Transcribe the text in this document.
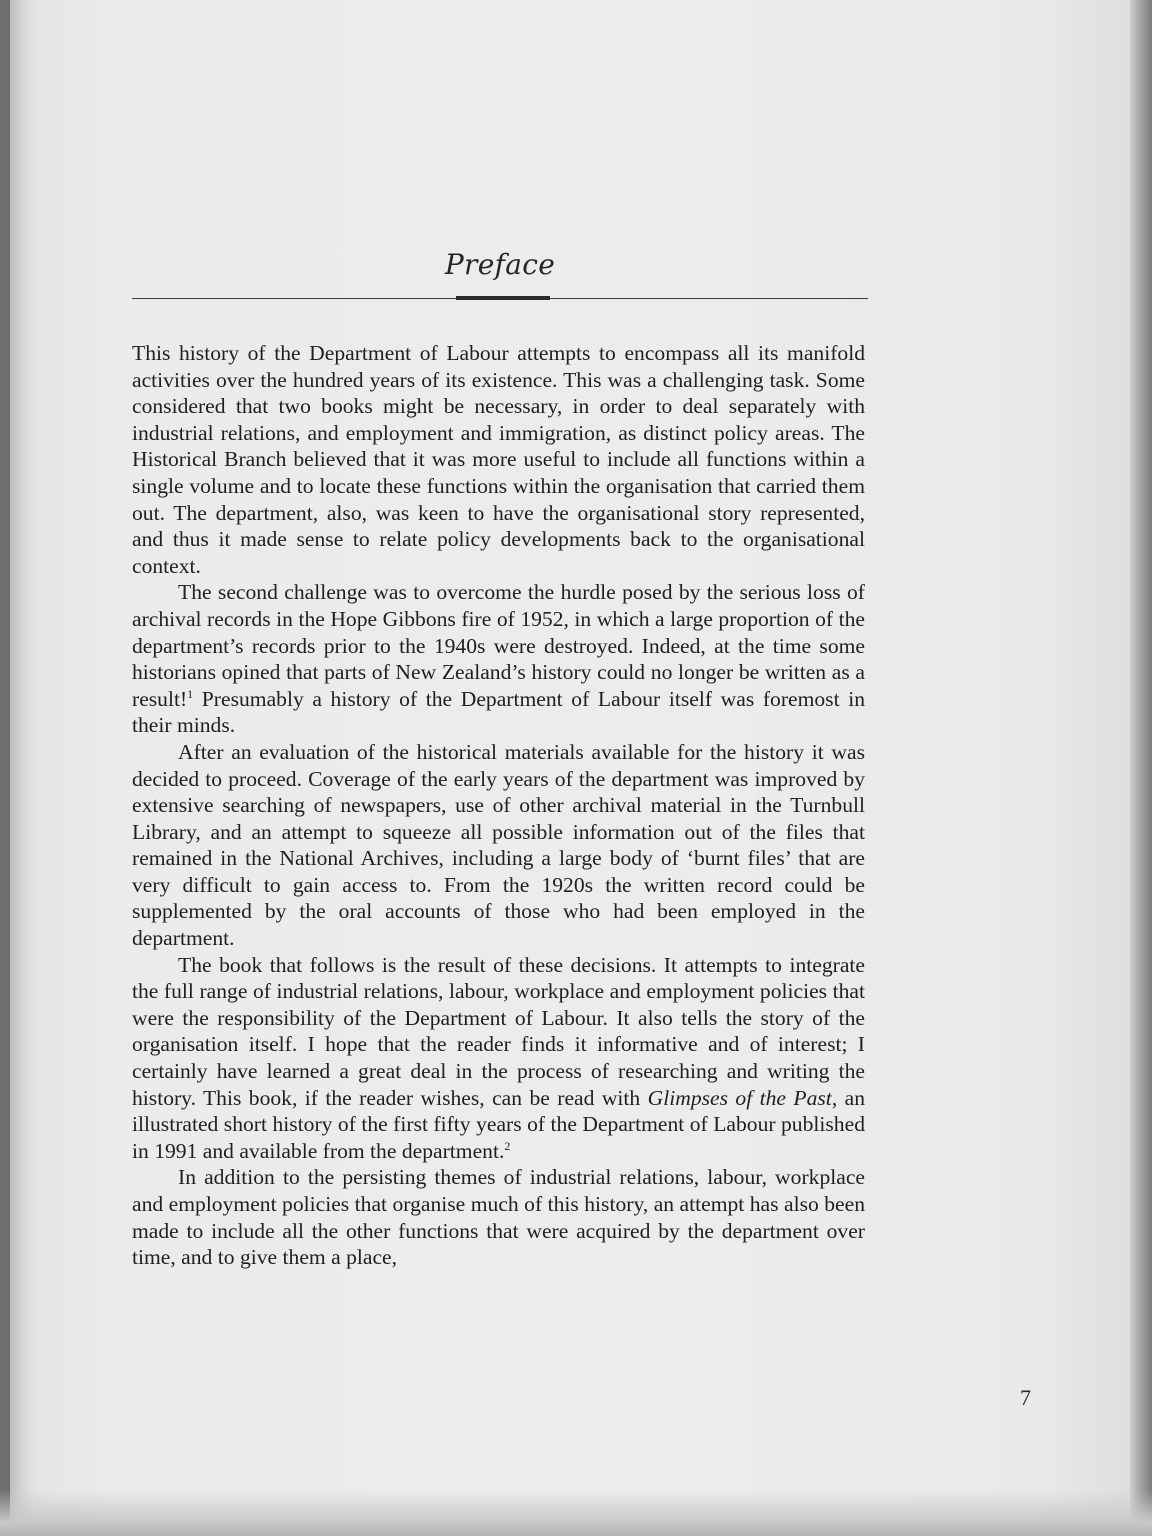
Preface

This history of the Department of Labour attempts to encompass all its manifold activities over the hundred years of its existence. This was a challenging task. Some considered that two books might be necessary, in order to deal separately with industrial relations, and employment and immigration, as distinct policy areas. The Historical Branch believed that it was more useful to include all functions within a single volume and to locate these functions within the organisation that carried them out. The department, also, was keen to have the organisational story represented, and thus it made sense to relate policy developments back to the organisational context.

The second challenge was to overcome the hurdle posed by the serious loss of archival records in the Hope Gibbons fire of 1952, in which a large proportion of the department’s records prior to the 1940s were destroyed. Indeed, at the time some historians opined that parts of New Zealand’s history could no longer be written as a result!$^1$ Presumably a history of the Department of Labour itself was foremost in their minds.

After an evaluation of the historical materials available for the history it was decided to proceed. Coverage of the early years of the department was improved by extensive searching of newspapers, use of other archival material in the Turnbull Library, and an attempt to squeeze all possible information out of the files that remained in the National Archives, including a large body of ‘burnt files’ that are very difficult to gain access to. From the 1920s the written record could be supplemented by the oral accounts of those who had been employed in the department.

The book that follows is the result of these decisions. It attempts to integrate the full range of industrial relations, labour, workplace and employment policies that were the responsibility of the Department of Labour. It also tells the story of the organisation itself. I hope that the reader finds it informative and of interest; I certainly have learned a great deal in the process of researching and writing the history. This book, if the reader wishes, can be read with Glimpses of the Past, an illustrated short history of the first fifty years of the Department of Labour published in 1991 and available from the department.$^2$

In addition to the persisting themes of industrial relations, labour, workplace and employment policies that organise much of this history, an attempt has also been made to include all the other functions that were acquired by the department over time, and to give them a place,

7
